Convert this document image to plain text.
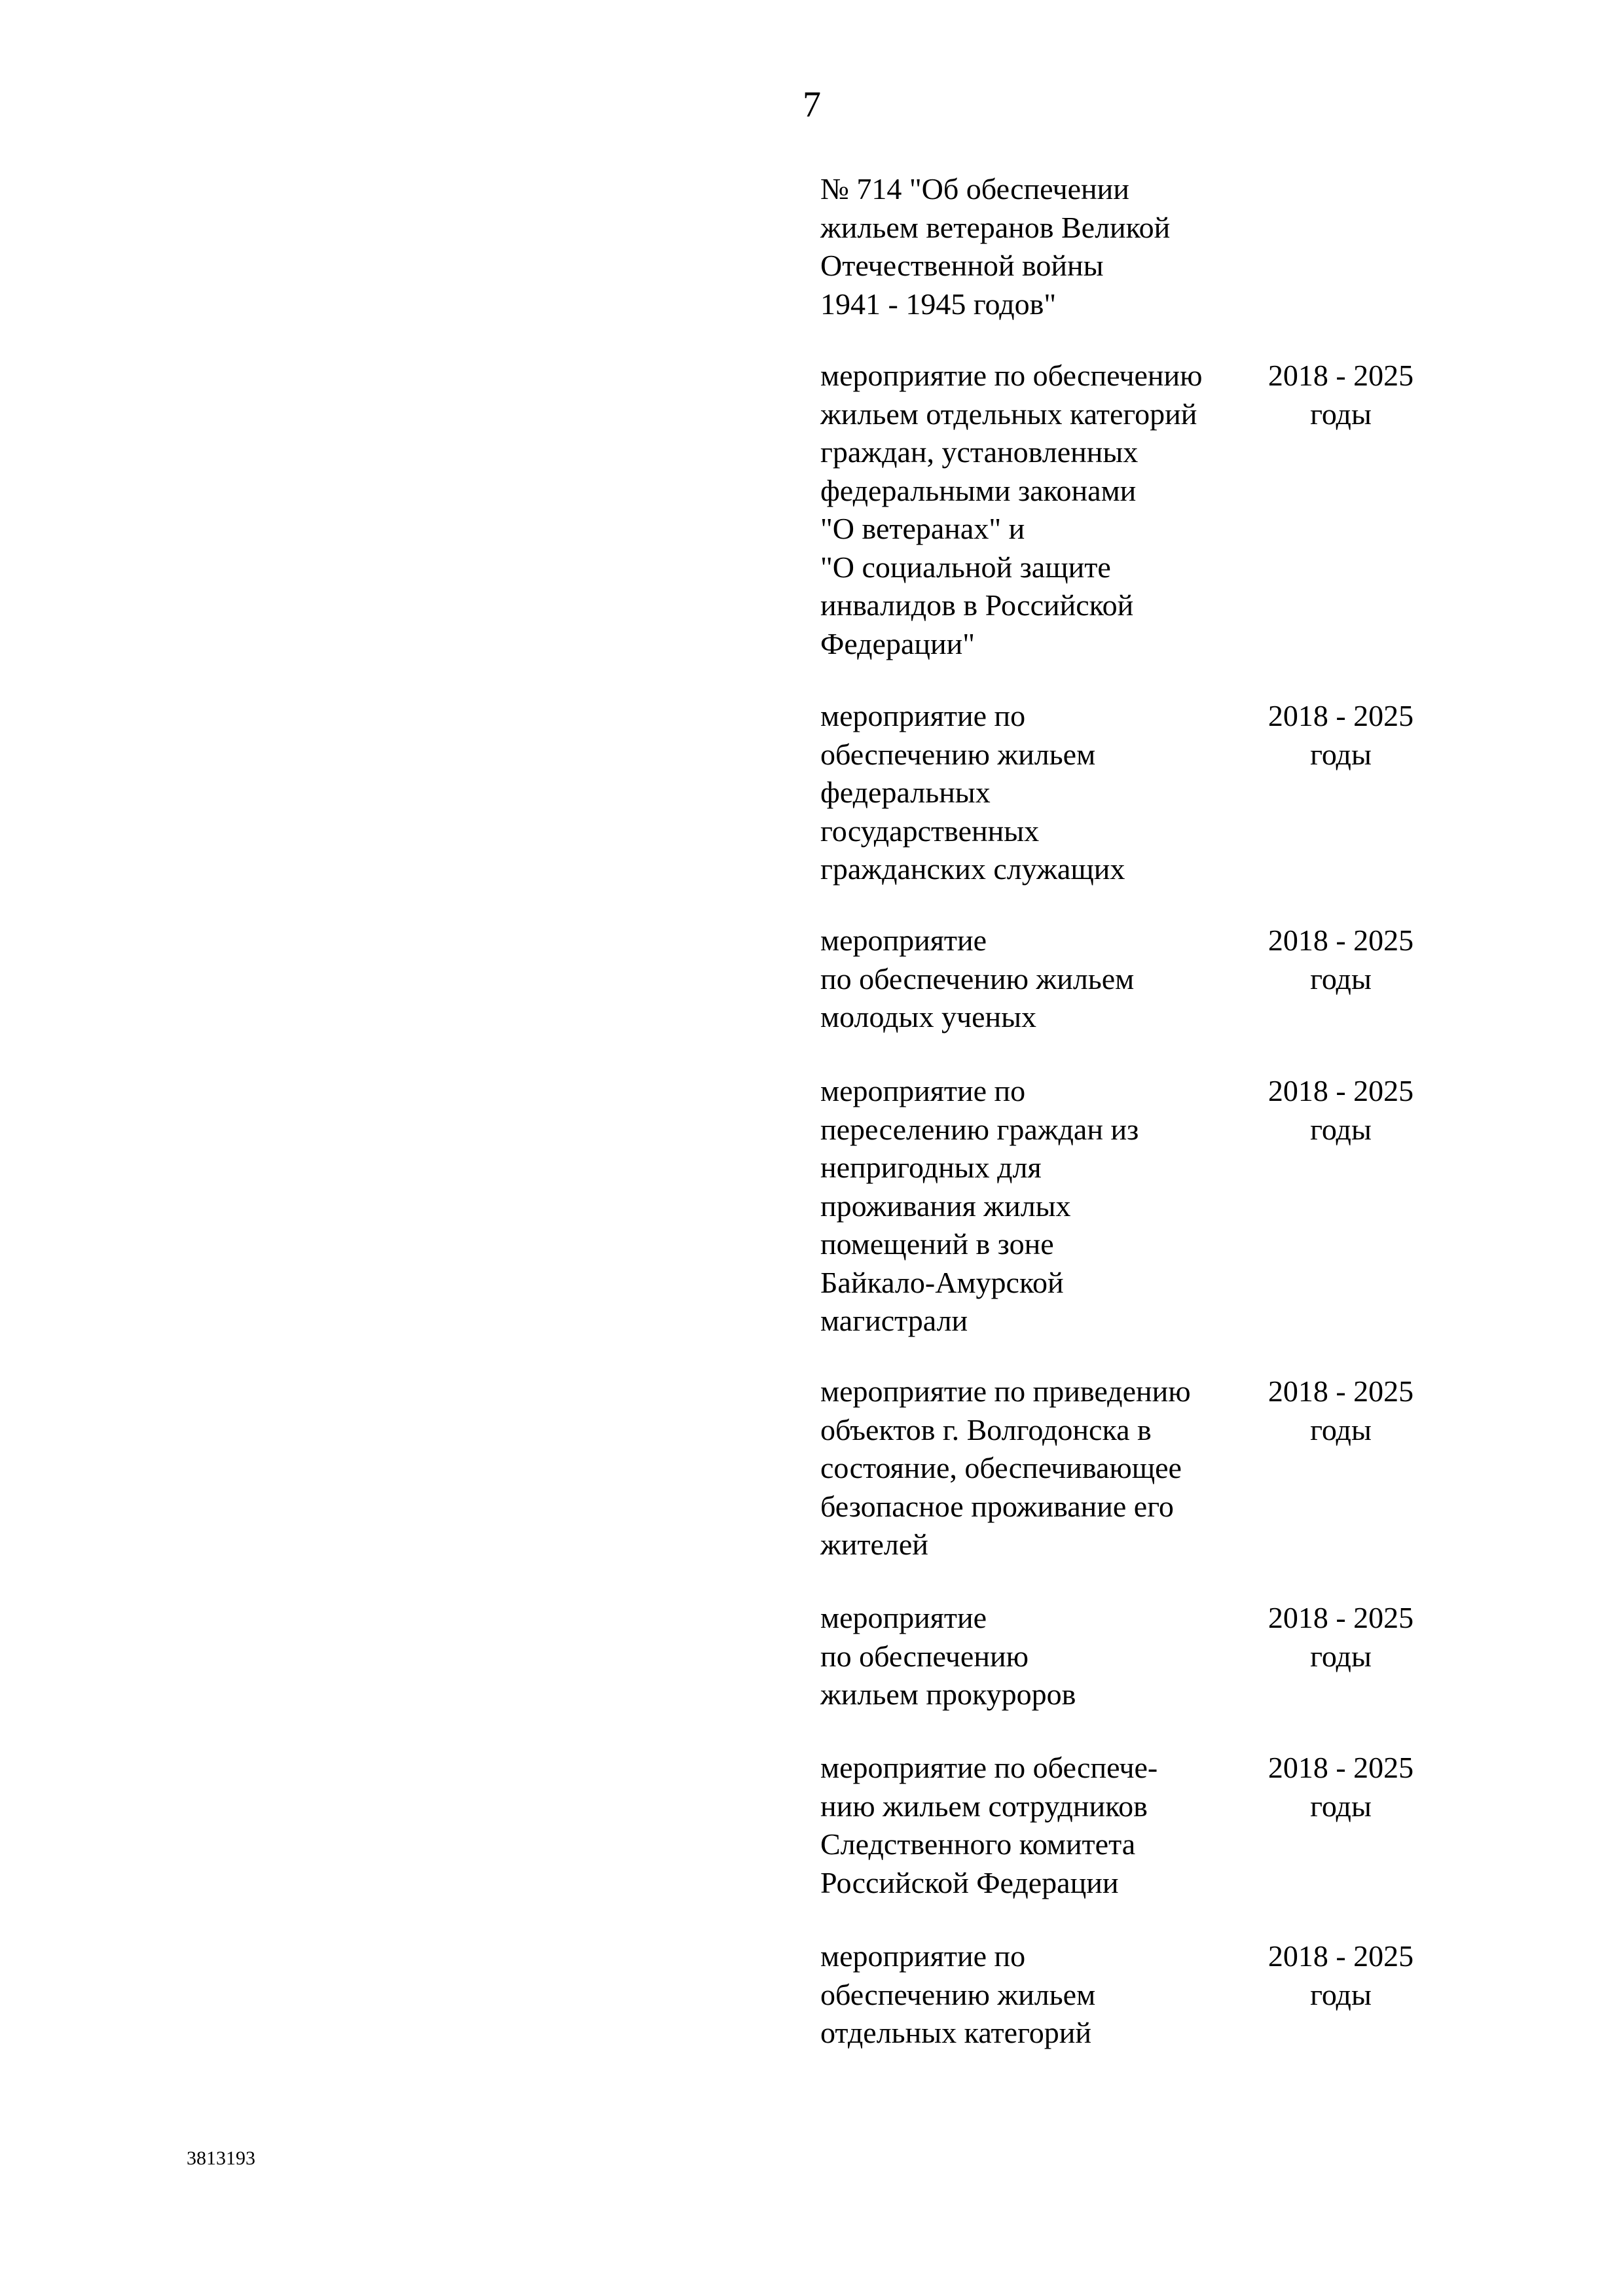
7
№ 714 "Об обеспечении
жильем ветеранов Великой
Отечественной войны
1941 - 1945 годов"
мероприятие по обеспечению
жильем отдельных категорий
граждан, установленных
федеральными законами
"О ветеранах" и
"О социальной защите
инвалидов в Российской
Федерации"
2018 - 2025
годы
мероприятие по
обеспечению жильем
федеральных
государственных
гражданских служащих
2018 - 2025
годы
мероприятие
по обеспечению жильем
молодых ученых
2018 - 2025
годы
мероприятие по
переселению граждан из
непригодных для
проживания жилых
помещений в зоне
Байкало-Амурской
магистрали
2018 - 2025
годы
мероприятие по приведению
объектов г. Волгодонска в
состояние, обеспечивающее
безопасное проживание его
жителей
2018 - 2025
годы
мероприятие
по обеспечению
жильем прокуроров
2018 - 2025
годы
мероприятие по обеспече-
нию жильем сотрудников
Следственного комитета
Российской Федерации
2018 - 2025
годы
мероприятие по
обеспечению жильем
отдельных категорий
2018 - 2025
годы
3813193
